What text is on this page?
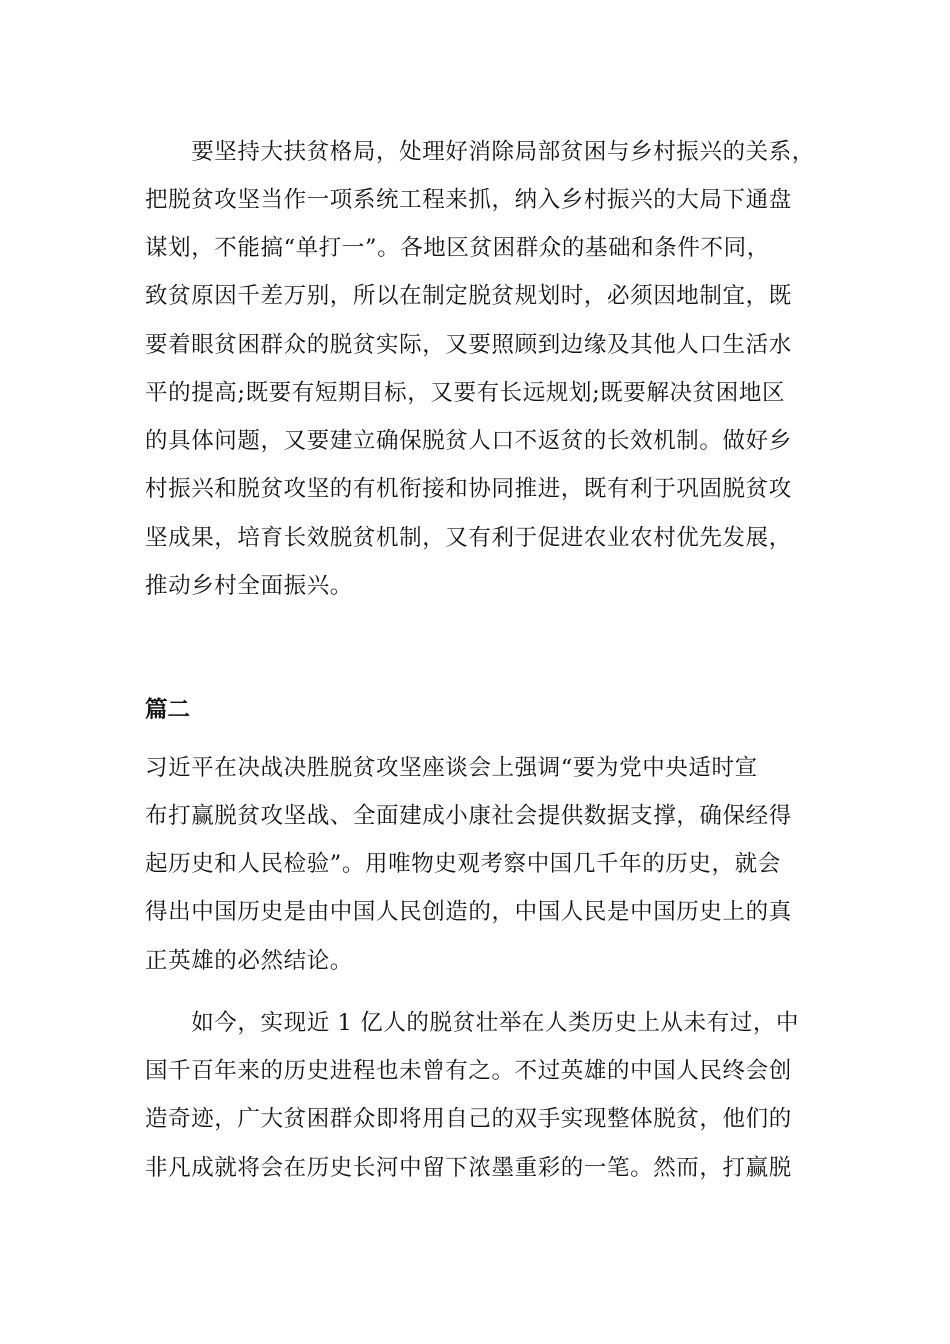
　　要坚持大扶贫格局，处理好消除局部贫困与乡村振兴的关系，
把脱贫攻坚当作一项系统工程来抓，纳入乡村振兴的大局下通盘
谋划，不能搞“单打一”。各地区贫困群众的基础和条件不同，
致贫原因千差万别，所以在制定脱贫规划时，必须因地制宜，既
要着眼贫困群众的脱贫实际，又要照顾到边缘及其他人口生活水
平的提高;既要有短期目标，又要有长远规划;既要解决贫困地区
的具体问题，又要建立确保脱贫人口不返贫的长效机制。做好乡
村振兴和脱贫攻坚的有机衔接和协同推进，既有利于巩固脱贫攻
坚成果，培育长效脱贫机制，又有利于促进农业农村优先发展，
推动乡村全面振兴。
篇二
习近平在决战决胜脱贫攻坚座谈会上强调“要为党中央适时宣
布打赢脱贫攻坚战、全面建成小康社会提供数据支撑，确保经得
起历史和人民检验”。用唯物史观考察中国几千年的历史，就会
得出中国历史是由中国人民创造的，中国人民是中国历史上的真
正英雄的必然结论。
　　如今，实现近 1 亿人的脱贫壮举在人类历史上从未有过，中
国千百年来的历史进程也未曾有之。不过英雄的中国人民终会创
造奇迹，广大贫困群众即将用自己的双手实现整体脱贫，他们的
非凡成就将会在历史长河中留下浓墨重彩的一笔。然而，打赢脱
